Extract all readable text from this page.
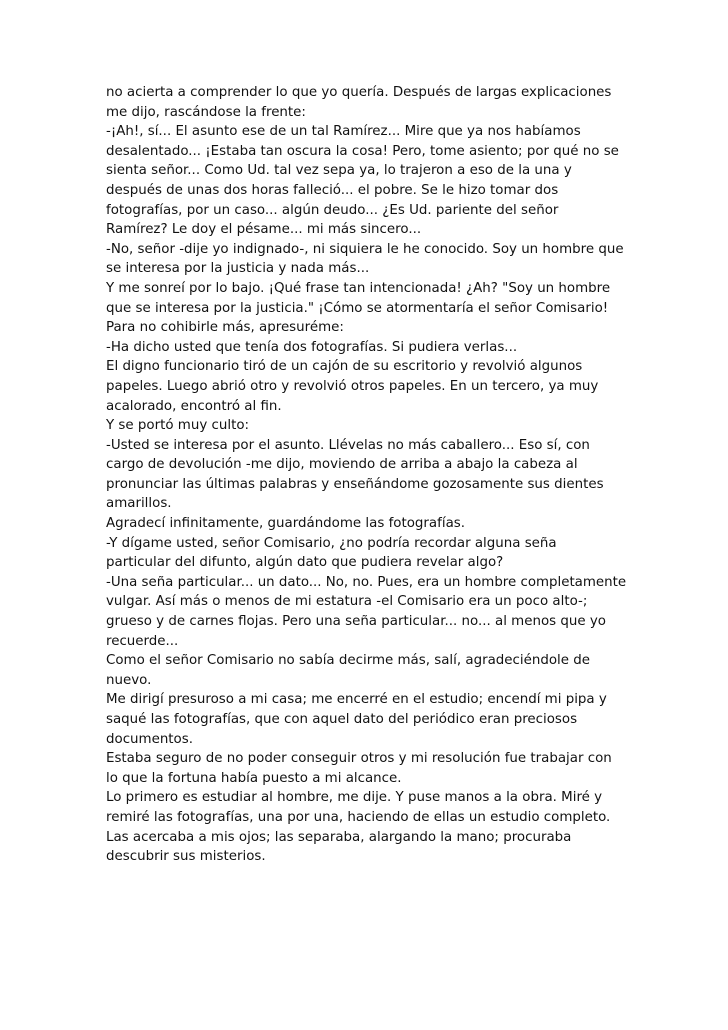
no acierta a comprender lo que yo quería. Después de largas explicaciones
me dijo, rascándose la frente:
-¡Ah!, sí... El asunto ese de un tal Ramírez... Mire que ya nos habíamos
desalentado... ¡Estaba tan oscura la cosa! Pero, tome asiento; por qué no se
sienta señor... Como Ud. tal vez sepa ya, lo trajeron a eso de la una y
después de unas dos horas falleció... el pobre. Se le hizo tomar dos
fotografías, por un caso... algún deudo... ¿Es Ud. pariente del señor
Ramírez? Le doy el pésame... mi más sincero...
-No, señor -dije yo indignado-, ni siquiera le he conocido. Soy un hombre que
se interesa por la justicia y nada más...
Y me sonreí por lo bajo. ¡Qué frase tan intencionada! ¿Ah? "Soy un hombre
que se interesa por la justicia." ¡Cómo se atormentaría el señor Comisario!
Para no cohibirle más, apresuréme:
-Ha dicho usted que tenía dos fotografías. Si pudiera verlas...
El digno funcionario tiró de un cajón de su escritorio y revolvió algunos
papeles. Luego abrió otro y revolvió otros papeles. En un tercero, ya muy
acalorado, encontró al fin.
Y se portó muy culto:
-Usted se interesa por el asunto. Llévelas no más caballero... Eso sí, con
cargo de devolución -me dijo, moviendo de arriba a abajo la cabeza al
pronunciar las últimas palabras y enseñándome gozosamente sus dientes
amarillos.
Agradecí infinitamente, guardándome las fotografías.
-Y dígame usted, señor Comisario, ¿no podría recordar alguna seña
particular del difunto, algún dato que pudiera revelar algo?
-Una seña particular... un dato... No, no. Pues, era un hombre completamente
vulgar. Así más o menos de mi estatura -el Comisario era un poco alto-;
grueso y de carnes flojas. Pero una seña particular... no... al menos que yo
recuerde...
Como el señor Comisario no sabía decirme más, salí, agradeciéndole de
nuevo.
Me dirigí presuroso a mi casa; me encerré en el estudio; encendí mi pipa y
saqué las fotografías, que con aquel dato del periódico eran preciosos
documentos.
Estaba seguro de no poder conseguir otros y mi resolución fue trabajar con
lo que la fortuna había puesto a mi alcance.
Lo primero es estudiar al hombre, me dije. Y puse manos a la obra. Miré y
remiré las fotografías, una por una, haciendo de ellas un estudio completo.
Las acercaba a mis ojos; las separaba, alargando la mano; procuraba
descubrir sus misterios.
